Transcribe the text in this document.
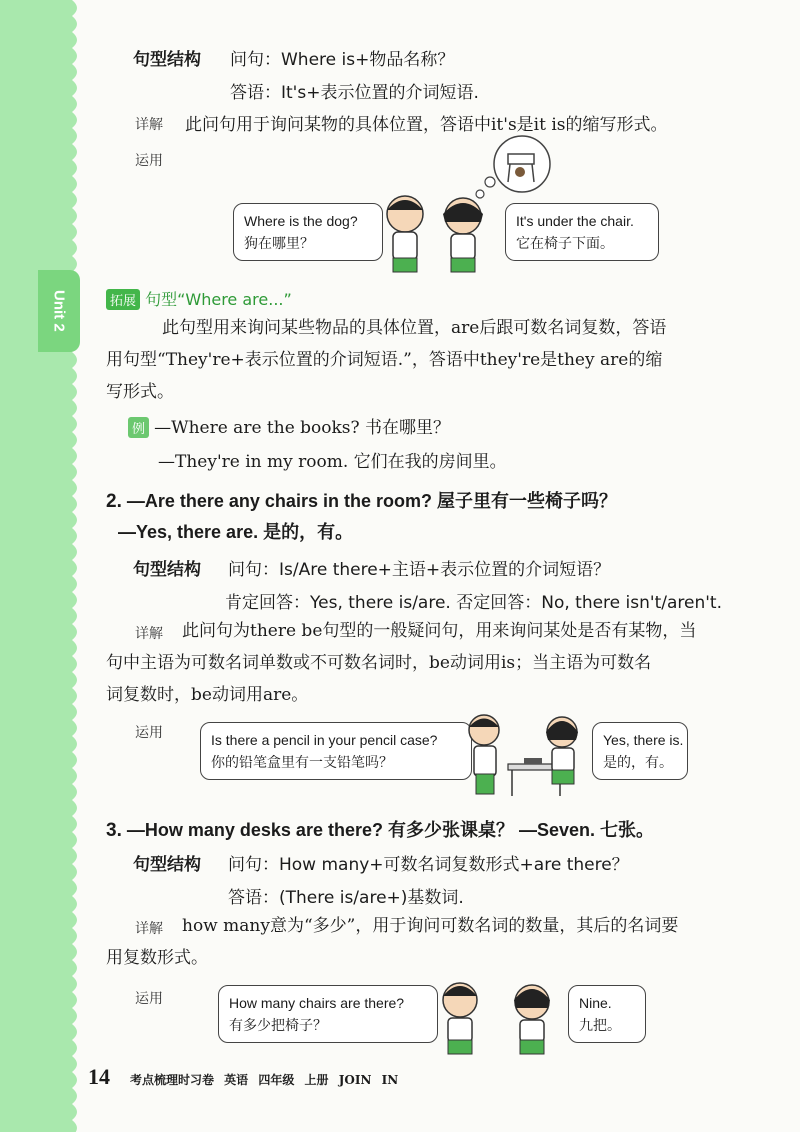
Unit 2
句型结构 问句：Where is+物品名称？
答语：It's+表示位置的介词短语.
详解 此问句用于询问某物的具体位置，答语中it's是it is的缩写形式。
运用
Where is the dog?
狗在哪里？
It's under the chair.
它在椅子下面。
拓展 句型“Where are...”
此句型用来询问某些物品的具体位置，are后跟可数名词复数，答语
用句型“They're+表示位置的介词短语.”，答语中they're是they are的缩
写形式。
例 —Where are the books? 书在哪里？
—They're in my room. 它们在我的房间里。
2. —Are there any chairs in the room? 屋子里有一些椅子吗？
—Yes, there are. 是的，有。
句型结构 问句：Is/Are there+主语+表示位置的介词短语？
肯定回答：Yes, there is/are. 否定回答：No, there isn't/aren't.
详解	此问句为there be句型的一般疑问句，用来询问某处是否有某物，当
句中主语为可数名词单数或不可数名词时，be动词用is；当主语为可数名
词复数时，be动词用are。
运用	Is there a pencil in your pencil case?
你的铅笔盒里有一支铅笔吗？
Yes, there is.
是的，有。
3. —How many desks are there? 有多少张课桌？ —Seven. 七张。
句型结构 问句：How many+可数名词复数形式+are there？
答语：(There is/are+)基数词.
详解	how many意为“多少”，用于询问可数名词的数量，其后的名词要
用复数形式。
运用	How many chairs are there?
有多少把椅子？
Nine.
九把。
14 考点梳理时习卷 英语 四年级 上册 JOIN IN
